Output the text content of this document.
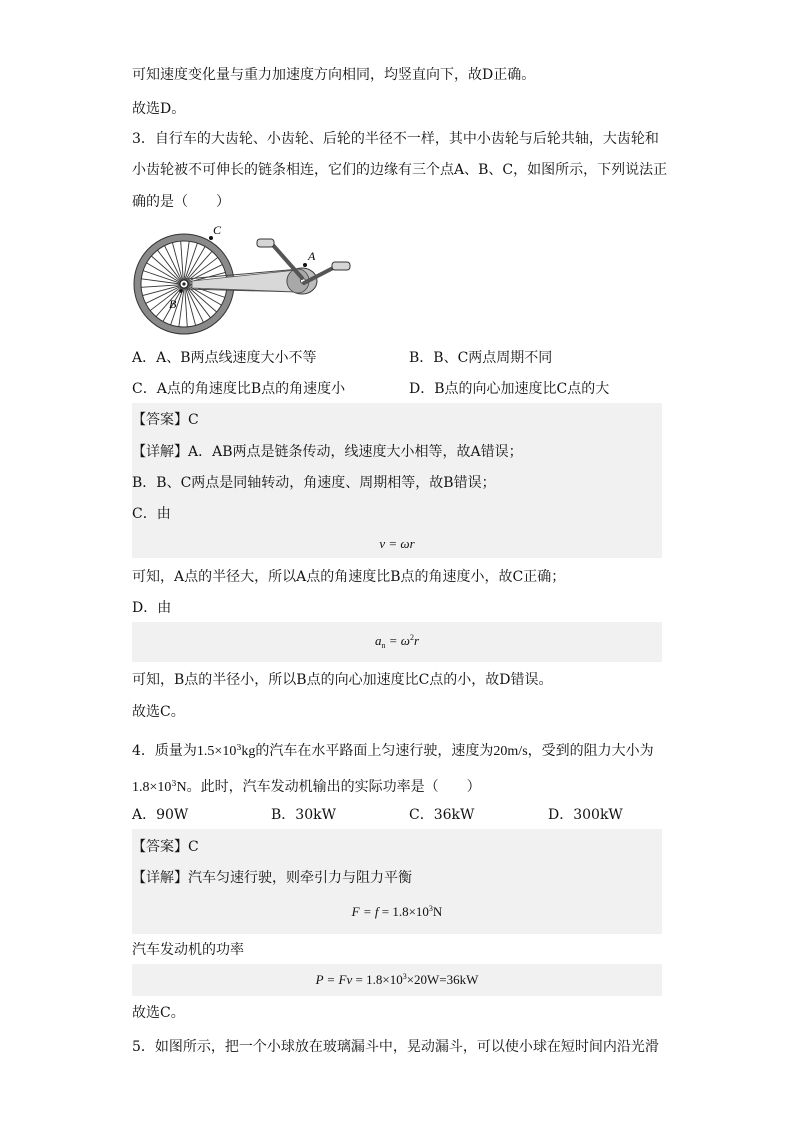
可知速度变化量与重力加速度方向相同，均竖直向下，故D正确。
故选D。
3．自行车的大齿轮、小齿轮、后轮的半径不一样，其中小齿轮与后轮共轴，大齿轮和
小齿轮被不可伸长的链条相连，它们的边缘有三个点A、B、C，如图所示，下列说法正
确的是（　　）
C
A
B
A．A、B两点线速度大小不等	B．B、C两点周期不同
C．A点的角速度比B点的角速度小	D．B点的向心加速度比C点的大
【答案】C
【详解】A．AB两点是链条传动，线速度大小相等，故A错误；
B．B、C两点是同轴转动，角速度、周期相等，故B错误；
C．由
v = ωr
可知，A点的半径大，所以A点的角速度比B点的角速度小，故C正确；
D．由
$a_n = \omega^2r$
可知，B点的半径小，所以B点的向心加速度比C点的小，故D错误。
故选C。
4．质量为$1.5\times 10^3kg$的汽车在水平路面上匀速行驶，速度为20m/s，受到的阻力大小为
$1.8\times 10^3N$。此时，汽车发动机输出的实际功率是（　　）
A．90W	B．30kW	C．36kW	D．300kW
【答案】C
【详解】汽车匀速行驶，则牵引力与阻力平衡
$F = f = 1.8\times 10^3N$
汽车发动机的功率
$P = Fv = 1.8\times 10^3\times 20W=36kW$
故选C。
5．如图所示，把一个小球放在玻璃漏斗中，晃动漏斗，可以使小球在短时间内沿光滑
